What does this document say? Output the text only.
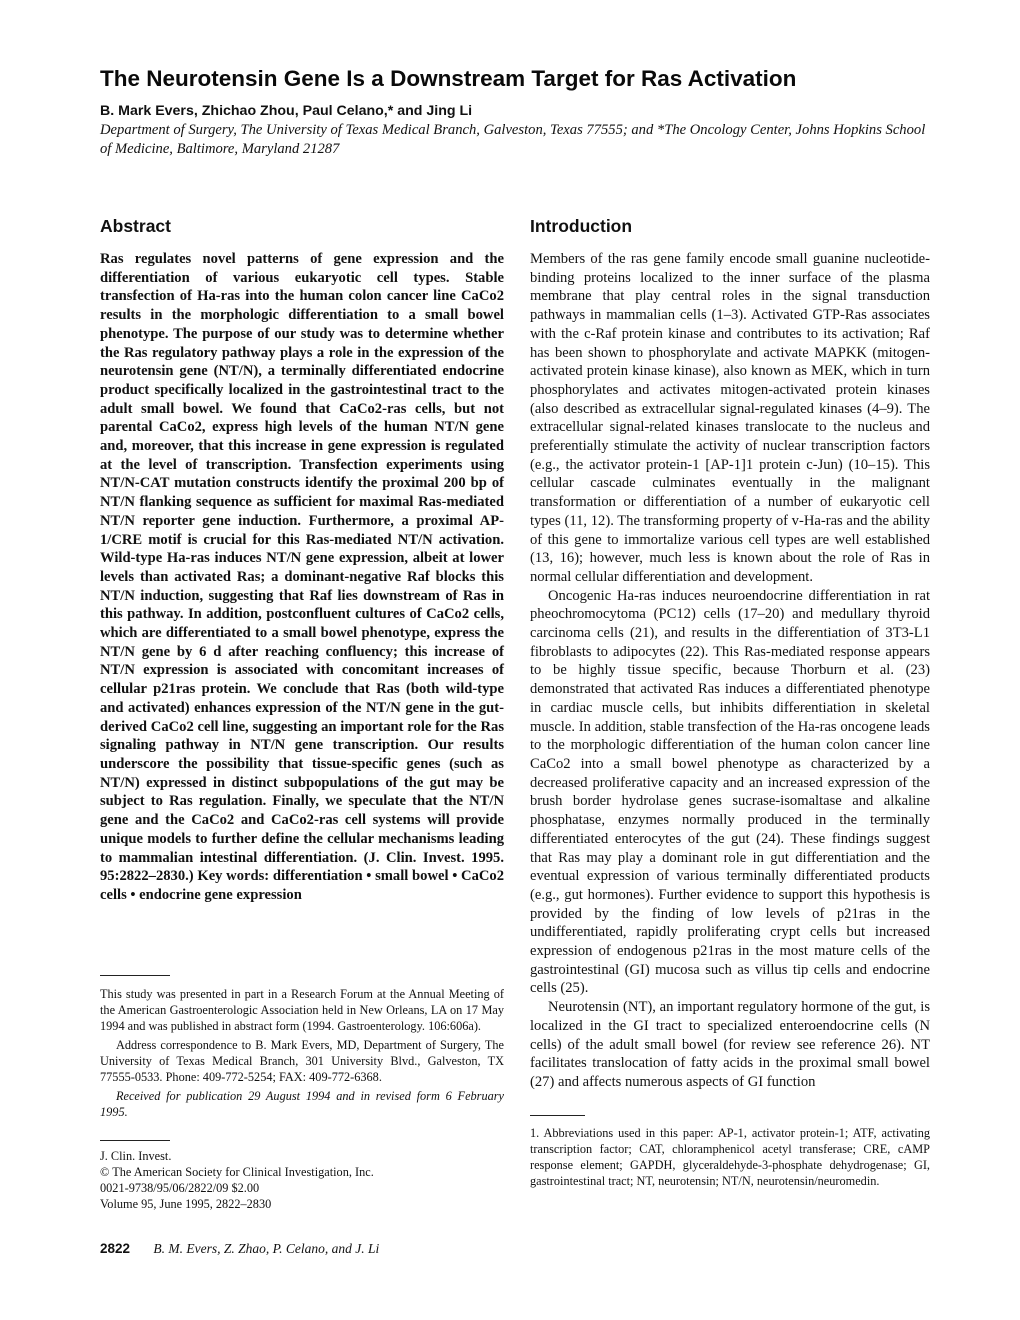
The Neurotensin Gene Is a Downstream Target for Ras Activation
B. Mark Evers, Zhichao Zhou, Paul Celano,* and Jing Li
Department of Surgery, The University of Texas Medical Branch, Galveston, Texas 77555; and *The Oncology Center, Johns Hopkins School of Medicine, Baltimore, Maryland 21287
Abstract

Ras regulates novel patterns of gene expression and the differentiation of various eukaryotic cell types. Stable transfection of Ha-ras into the human colon cancer line CaCo2 results in the morphologic differentiation to a small bowel phenotype. The purpose of our study was to determine whether the Ras regulatory pathway plays a role in the expression of the neurotensin gene (NT/N), a terminally differentiated endocrine product specifically localized in the gastrointestinal tract to the adult small bowel. We found that CaCo2-ras cells, but not parental CaCo2, express high levels of the human NT/N gene and, moreover, that this increase in gene expression is regulated at the level of transcription. Transfection experiments using NT/N-CAT mutation constructs identify the proximal 200 bp of NT/N flanking sequence as sufficient for maximal Ras-mediated NT/N reporter gene induction. Furthermore, a proximal AP-1/CRE motif is crucial for this Ras-mediated NT/N activation. Wild-type Ha-ras induces NT/N gene expression, albeit at lower levels than activated Ras; a dominant-negative Raf blocks this NT/N induction, suggesting that Raf lies downstream of Ras in this pathway. In addition, postconfluent cultures of CaCo2 cells, which are differentiated to a small bowel phenotype, express the NT/N gene by 6 d after reaching confluency; this increase of NT/N expression is associated with concomitant increases of cellular p21ras protein. We conclude that Ras (both wild-type and activated) enhances expression of the NT/N gene in the gut-derived CaCo2 cell line, suggesting an important role for the Ras signaling pathway in NT/N gene transcription. Our results underscore the possibility that tissue-specific genes (such as NT/N) expressed in distinct subpopulations of the gut may be subject to Ras regulation. Finally, we speculate that the NT/N gene and the CaCo2 and CaCo2-ras cell systems will provide unique models to further define the cellular mechanisms leading to mammalian intestinal differentiation. (J. Clin. Invest. 1995. 95:2822–2830.) Key words: differentiation • small bowel • CaCo2 cells • endocrine gene expression

Introduction

Members of the ras gene family encode small guanine nucleotide-binding proteins localized to the inner surface of the plasma membrane that play central roles in the signal transduction pathways in mammalian cells (1–3). Activated GTP-Ras associates with the c-Raf protein kinase and contributes to its activation; Raf has been shown to phosphorylate and activate MAPKK (mitogen-activated protein kinase kinase), also known as MEK, which in turn phosphorylates and activates mitogen-activated protein kinases (also described as extracellular signal-regulated kinases (4–9). The extracellular signal-related kinases translocate to the nucleus and preferentially stimulate the activity of nuclear transcription factors (e.g., the activator protein-1 [AP-1]1 protein c-Jun) (10–15). This cellular cascade culminates eventually in the malignant transformation or differentiation of a number of eukaryotic cell types (11, 12). The transforming property of v-Ha-ras and the ability of this gene to immortalize various cell types are well established (13, 16); however, much less is known about the role of Ras in normal cellular differentiation and development.

Oncogenic Ha-ras induces neuroendocrine differentiation in rat pheochromocytoma (PC12) cells (17–20) and medullary thyroid carcinoma cells (21), and results in the differentiation of 3T3-L1 fibroblasts to adipocytes (22). This Ras-mediated response appears to be highly tissue specific, because Thorburn et al. (23) demonstrated that activated Ras induces a differentiated phenotype in cardiac muscle cells, but inhibits differentiation in skeletal muscle. In addition, stable transfection of the Ha-ras oncogene leads to the morphologic differentiation of the human colon cancer line CaCo2 into a small bowel phenotype as characterized by a decreased proliferative capacity and an increased expression of the brush border hydrolase genes sucrase-isomaltase and alkaline phosphatase, enzymes normally produced in the terminally differentiated enterocytes of the gut (24). These findings suggest that Ras may play a dominant role in gut differentiation and the eventual expression of various terminally differentiated products (e.g., gut hormones). Further evidence to support this hypothesis is provided by the finding of low levels of p21ras in the undifferentiated, rapidly proliferating crypt cells but increased expression of endogenous p21ras in the most mature cells of the gastrointestinal (GI) mucosa such as villus tip cells and endocrine cells (25).

Neurotensin (NT), an important regulatory hormone of the gut, is localized in the GI tract to specialized enteroendocrine cells (N cells) of the adult small bowel (for review see reference 26). NT facilitates translocation of fatty acids in the proximal small bowel (27) and affects numerous aspects of GI function

This study was presented in part in a Research Forum at the Annual Meeting of the American Gastroenterologic Association held in New Orleans, LA on 17 May 1994 and was published in abstract form (1994. Gastroenterology. 106:606a).

Address correspondence to B. Mark Evers, MD, Department of Surgery, The University of Texas Medical Branch, 301 University Blvd., Galveston, TX 77555-0533. Phone: 409-772-5254; FAX: 409-772-6368.

Received for publication 29 August 1994 and in revised form 6 February 1995.

J. Clin. Invest.
© The American Society for Clinical Investigation, Inc.
0021-9738/95/06/2822/09 $2.00
Volume 95, June 1995, 2822–2830

1. Abbreviations used in this paper: AP-1, activator protein-1; ATF, activating transcription factor; CAT, chloramphenicol acetyl transferase; CRE, cAMP response element; GAPDH, glyceraldehyde-3-phosphate dehydrogenase; GI, gastrointestinal tract; NT, neurotensin; NT/N, neurotensin/neuromedin.

2822 B. M. Evers, Z. Zhao, P. Celano, and J. Li
